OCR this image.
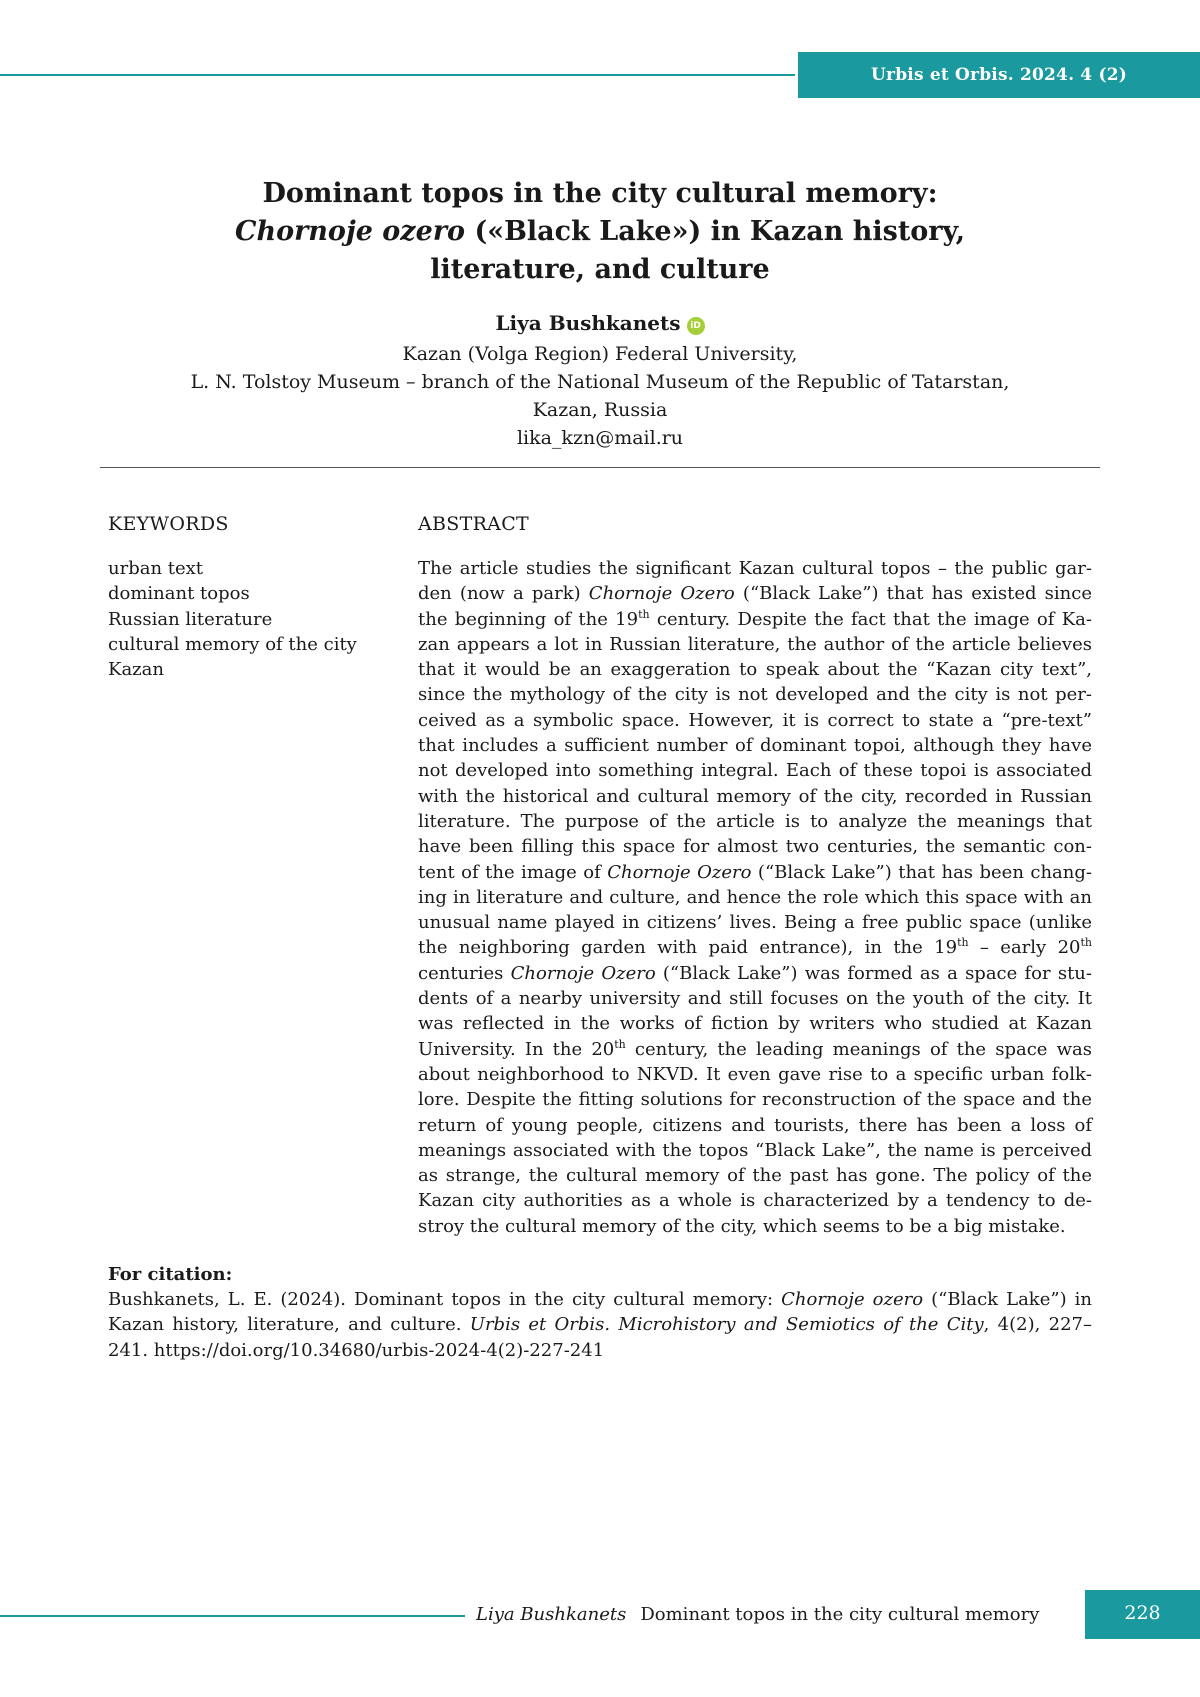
Urbis et Orbis. 2024. 4 (2)
Dominant topos in the city cultural memory:
Chornoje ozero («Black Lake») in Kazan history,
literature, and culture
Liya Bushkanets iD
Kazan (Volga Region) Federal University,
L. N. Tolstoy Museum – branch of the National Museum of the Republic of Tatarstan,
Kazan, Russia
lika_kzn@mail.ru
KEYWORDS
urban text
dominant topos
Russian literature
cultural memory of the city
Kazan
ABSTRACT

The article studies the significant Kazan cultural topos – the public garden (now a park) Chornoje Ozero (“Black Lake”) that has existed since the beginning of the 19th century. Despite the fact that the image of Kazan appears a lot in Russian literature, the author of the article believes that it would be an exaggeration to speak about the “Kazan city text”, since the mythology of the city is not developed and the city is not perceived as a symbolic space. However, it is correct to state a “pre-text” that includes a sufficient number of dominant topoi, although they have not developed into something integral. Each of these topoi is associated with the historical and cultural memory of the city, recorded in Russian literature. The purpose of the article is to analyze the meanings that have been filling this space for almost two centuries, the semantic content of the image of Chornoje Ozero (“Black Lake”) that has been changing in literature and culture, and hence the role which this space with an unusual name played in citizens’ lives. Being a free public space (unlike the neighboring garden with paid entrance), in the 19th – early 20th centuries Chornoje Ozero (“Black Lake”) was formed as a space for students of a nearby university and still focuses on the youth of the city. It was reflected in the works of fiction by writers who studied at Kazan University. In the 20th century, the leading meanings of the space was about neighborhood to NKVD. It even gave rise to a specific urban folklore. Despite the fitting solutions for reconstruction of the space and the return of young people, citizens and tourists, there has been a loss of meanings associated with the topos “Black Lake”, the name is perceived as strange, the cultural memory of the past has gone. The policy of the Kazan city authorities as a whole is characterized by a tendency to destroy the cultural memory of the city, which seems to be a big mistake.

For citation:

Bushkanets, L. E. (2024). Dominant topos in the city cultural memory: Chornoje ozero (“Black Lake”) in Kazan history, literature, and culture. Urbis et Orbis. Microhistory and Semiotics of the City, 4(2), 227–241. https://doi.org/10.34680/urbis-2024-4(2)-227-241

Liya Bushkanets Dominant topos in the city cultural memory	228
